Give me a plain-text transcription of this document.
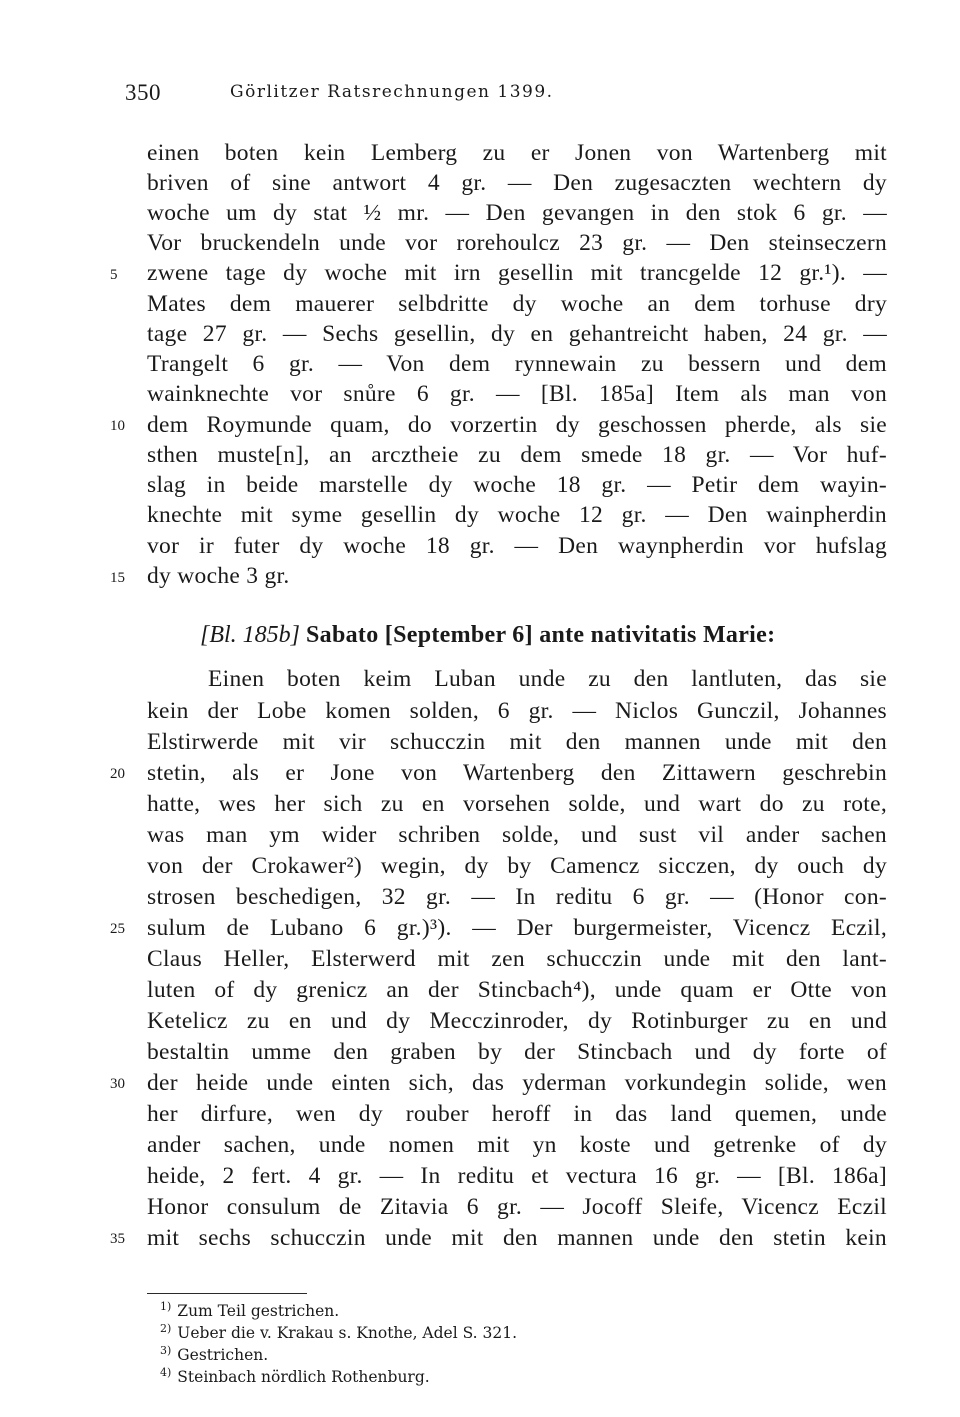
350	Görlitzer Ratsrechnungen 1399.
einen boten kein Lemberg zu er Jonen von Wartenberg mit
briven of sine antwort 4 gr. — Den zugesaczten wechtern dy
woche um dy stat ½ mr. — Den gevangen in den stok 6 gr. —
Vor bruckendeln unde vor rorehoulcz 23 gr. — Den steinseczern
zwene tage dy woche mit irn gesellin mit trancgelde 12 gr.¹). —
Mates dem mauerer selbdritte dy woche an dem torhuse dry
tage 27 gr. — Sechs gesellin, dy en gehantreicht haben, 24 gr. —
Trangelt 6 gr. — Von dem rynnewain zu bessern und dem
wainknechte vor snůre 6 gr. — [Bl. 185a] Item als man von
dem Roymunde quam, do vorzertin dy geschossen pherde, als sie
sthen muste[n], an arcztheie zu dem smede 18 gr. — Vor huf-
slag in beide marstelle dy woche 18 gr. — Petir dem wayin-
knechte mit syme gesellin dy woche 12 gr. — Den wainpherdin
vor ir futer dy woche 18 gr. — Den waynpherdin vor hufslag
dy woche 3 gr.
[Bl. 185b] Sabato [September 6] ante nativitatis Marie:
Einen boten keim Luban unde zu den lantluten, das sie
kein der Lobe komen solden, 6 gr. — Niclos Gunczil, Johannes
Elstirwerde mit vir schucczin mit den mannen unde mit den
stetin, als er Jone von Wartenberg den Zittawern geschrebin
hatte, wes her sich zu en vorsehen solde, und wart do zu rote,
was man ym wider schriben solde, und sust vil ander sachen
von der Crokawer²) wegin, dy by Camencz sicczen, dy ouch dy
strosen beschedigen, 32 gr. — In reditu 6 gr. — (Honor con-
sulum de Lubano 6 gr.)³). — Der burgermeister, Vicencz Eczil,
Claus Heller, Elsterwerd mit zen schucczin unde mit den lant-
luten of dy grenicz an der Stincbach⁴), unde quam er Otte von
Ketelicz zu en und dy Mecczinroder, dy Rotinburger zu en und
bestaltin umme den graben by der Stincbach und dy forte of
der heide unde einten sich, das yderman vorkundegin solide, wen
her dirfure, wen dy rouber heroff in das land quemen, unde
ander sachen, unde nomen mit yn koste und getrenke of dy
heide, 2 fert. 4 gr. — In reditu et vectura 16 gr. — [Bl. 186a]
Honor consulum de Zitavia 6 gr. — Jocoff Sleife, Vicencz Eczil
mit sechs schucczin unde mit den mannen unde den stetin kein
5
10
15
20
25
30
35
$^{1)}$ Zum Teil gestrichen.
$^{2)}$ Ueber die v. Krakau s. Knothe, Adel S. 321.
$^{3)}$ Gestrichen.
$^{4)}$ Steinbach nördlich Rothenburg.
